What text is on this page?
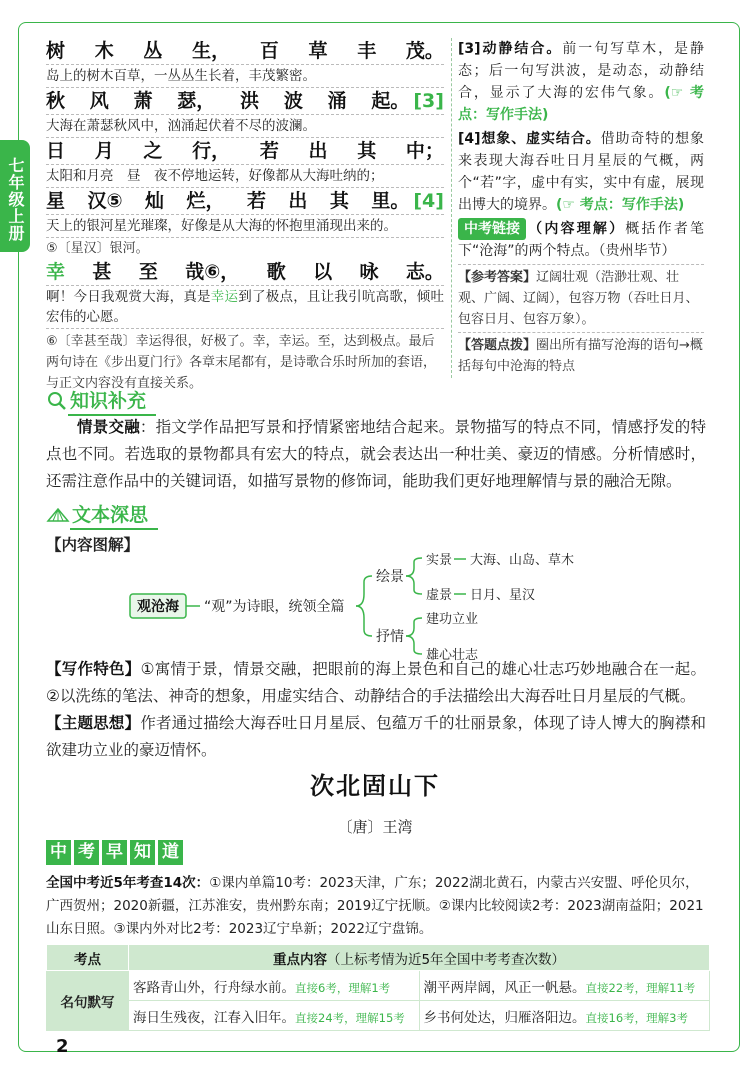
七年级上册
树 木 丛 生， 百 草 丰 茂。
岛上的树木百草，一丛丛生长着，丰茂繁密。
秋 风 萧 瑟， 洪 波 涌 起。 [3]
大海在萧瑟秋风中，汹涌起伏着不尽的波澜。
日 月 之 行， 若 出 其 中；
太阳和月亮　昼　夜不停地运转，好像都从大海吐纳的；
星 汉⑤ 灿 烂， 若 出 其 里。 [4]
天上的银河星光璀璨，好像是从大海的怀抱里涌现出来的。
⑤〔星汉〕银河。
幸 甚 至 哉⑥， 歌 以 咏 志。
啊！今日我观赏大海，真是幸运到了极点，且让我引吭高歌，倾吐宏伟的心愿。
⑥〔幸甚至哉〕幸运得很，好极了。幸，幸运。至，达到极点。最后两句诗在《步出夏门行》各章末尾都有，是诗歌合乐时所加的套语，与正文内容没有直接关系。
[3]动静结合。前一句写草木，是静态；后一句写洪波，是动态，动静结合，显示了大海的宏伟气象。(☞ 考点：写作手法)
[4]想象、虚实结合。借助奇特的想象来表现大海吞吐日月星辰的气概，两个“若”字，虚中有实，实中有虚，展现出博大的境界。(☞ 考点：写作手法)
中考链接 （内容理解）概括作者笔下“沧海”的两个特点。（贵州毕节）
【参考答案】辽阔壮观（浩渺壮观、壮观、广阔、辽阔），包容万物（吞吐日月、包容日月、包容万象）。
【答题点拨】圈出所有描写沧海的语句→概括每句中沧海的特点
知识补充
情景交融：指文学作品把写景和抒情紧密地结合起来。景物描写的特点不同，情感抒发的特点也不同。若选取的景物都具有宏大的特点，就会表达出一种壮美、豪迈的情感。分析情感时，还需注意作品中的关键词语，如描写景物的修饰词，能助我们更好地理解情与景的融洽无隙。
文本深思
【内容图解】
观沧海 “观”为诗眼，统领全篇
绘景
抒情
实景 大海、山岛、草木
虚景 日月、星汉
建功立业
雄心壮志
【写作特色】①寓情于景，情景交融，把眼前的海上景色和自己的雄心壮志巧妙地融合在一起。②以洗练的笔法、神奇的想象，用虚实结合、动静结合的手法描绘出大海吞吐日月星辰的气概。
【主题思想】作者通过描绘大海吞吐日月星辰、包蕴万千的壮丽景象，体现了诗人博大的胸襟和欲建功立业的豪迈情怀。
次北固山下
〔唐〕王湾
中 考 早 知 道
全国中考近5年考查14次：①课内单篇10考：2023天津，广东；2022湖北黄石，内蒙古兴安盟、呼伦贝尔，广西贺州；2020新疆，江苏淮安，贵州黔东南；2019辽宁抚顺。②课内比较阅读2考：2023湖南益阳；2021山东日照。③课内外对比2考：2023辽宁阜新；2022辽宁盘锦。
考点	重点内容（上标考情为近5年全国中考考查次数）	
名句默写	客路青山外，行舟绿水前。直接6考，理解1考	潮平两岸阔，风正一帆悬。直接22考，理解11考
	海日生残夜，江春入旧年。直接24考，理解15考	乡书何处达，归雁洛阳边。直接16考，理解3考
2
